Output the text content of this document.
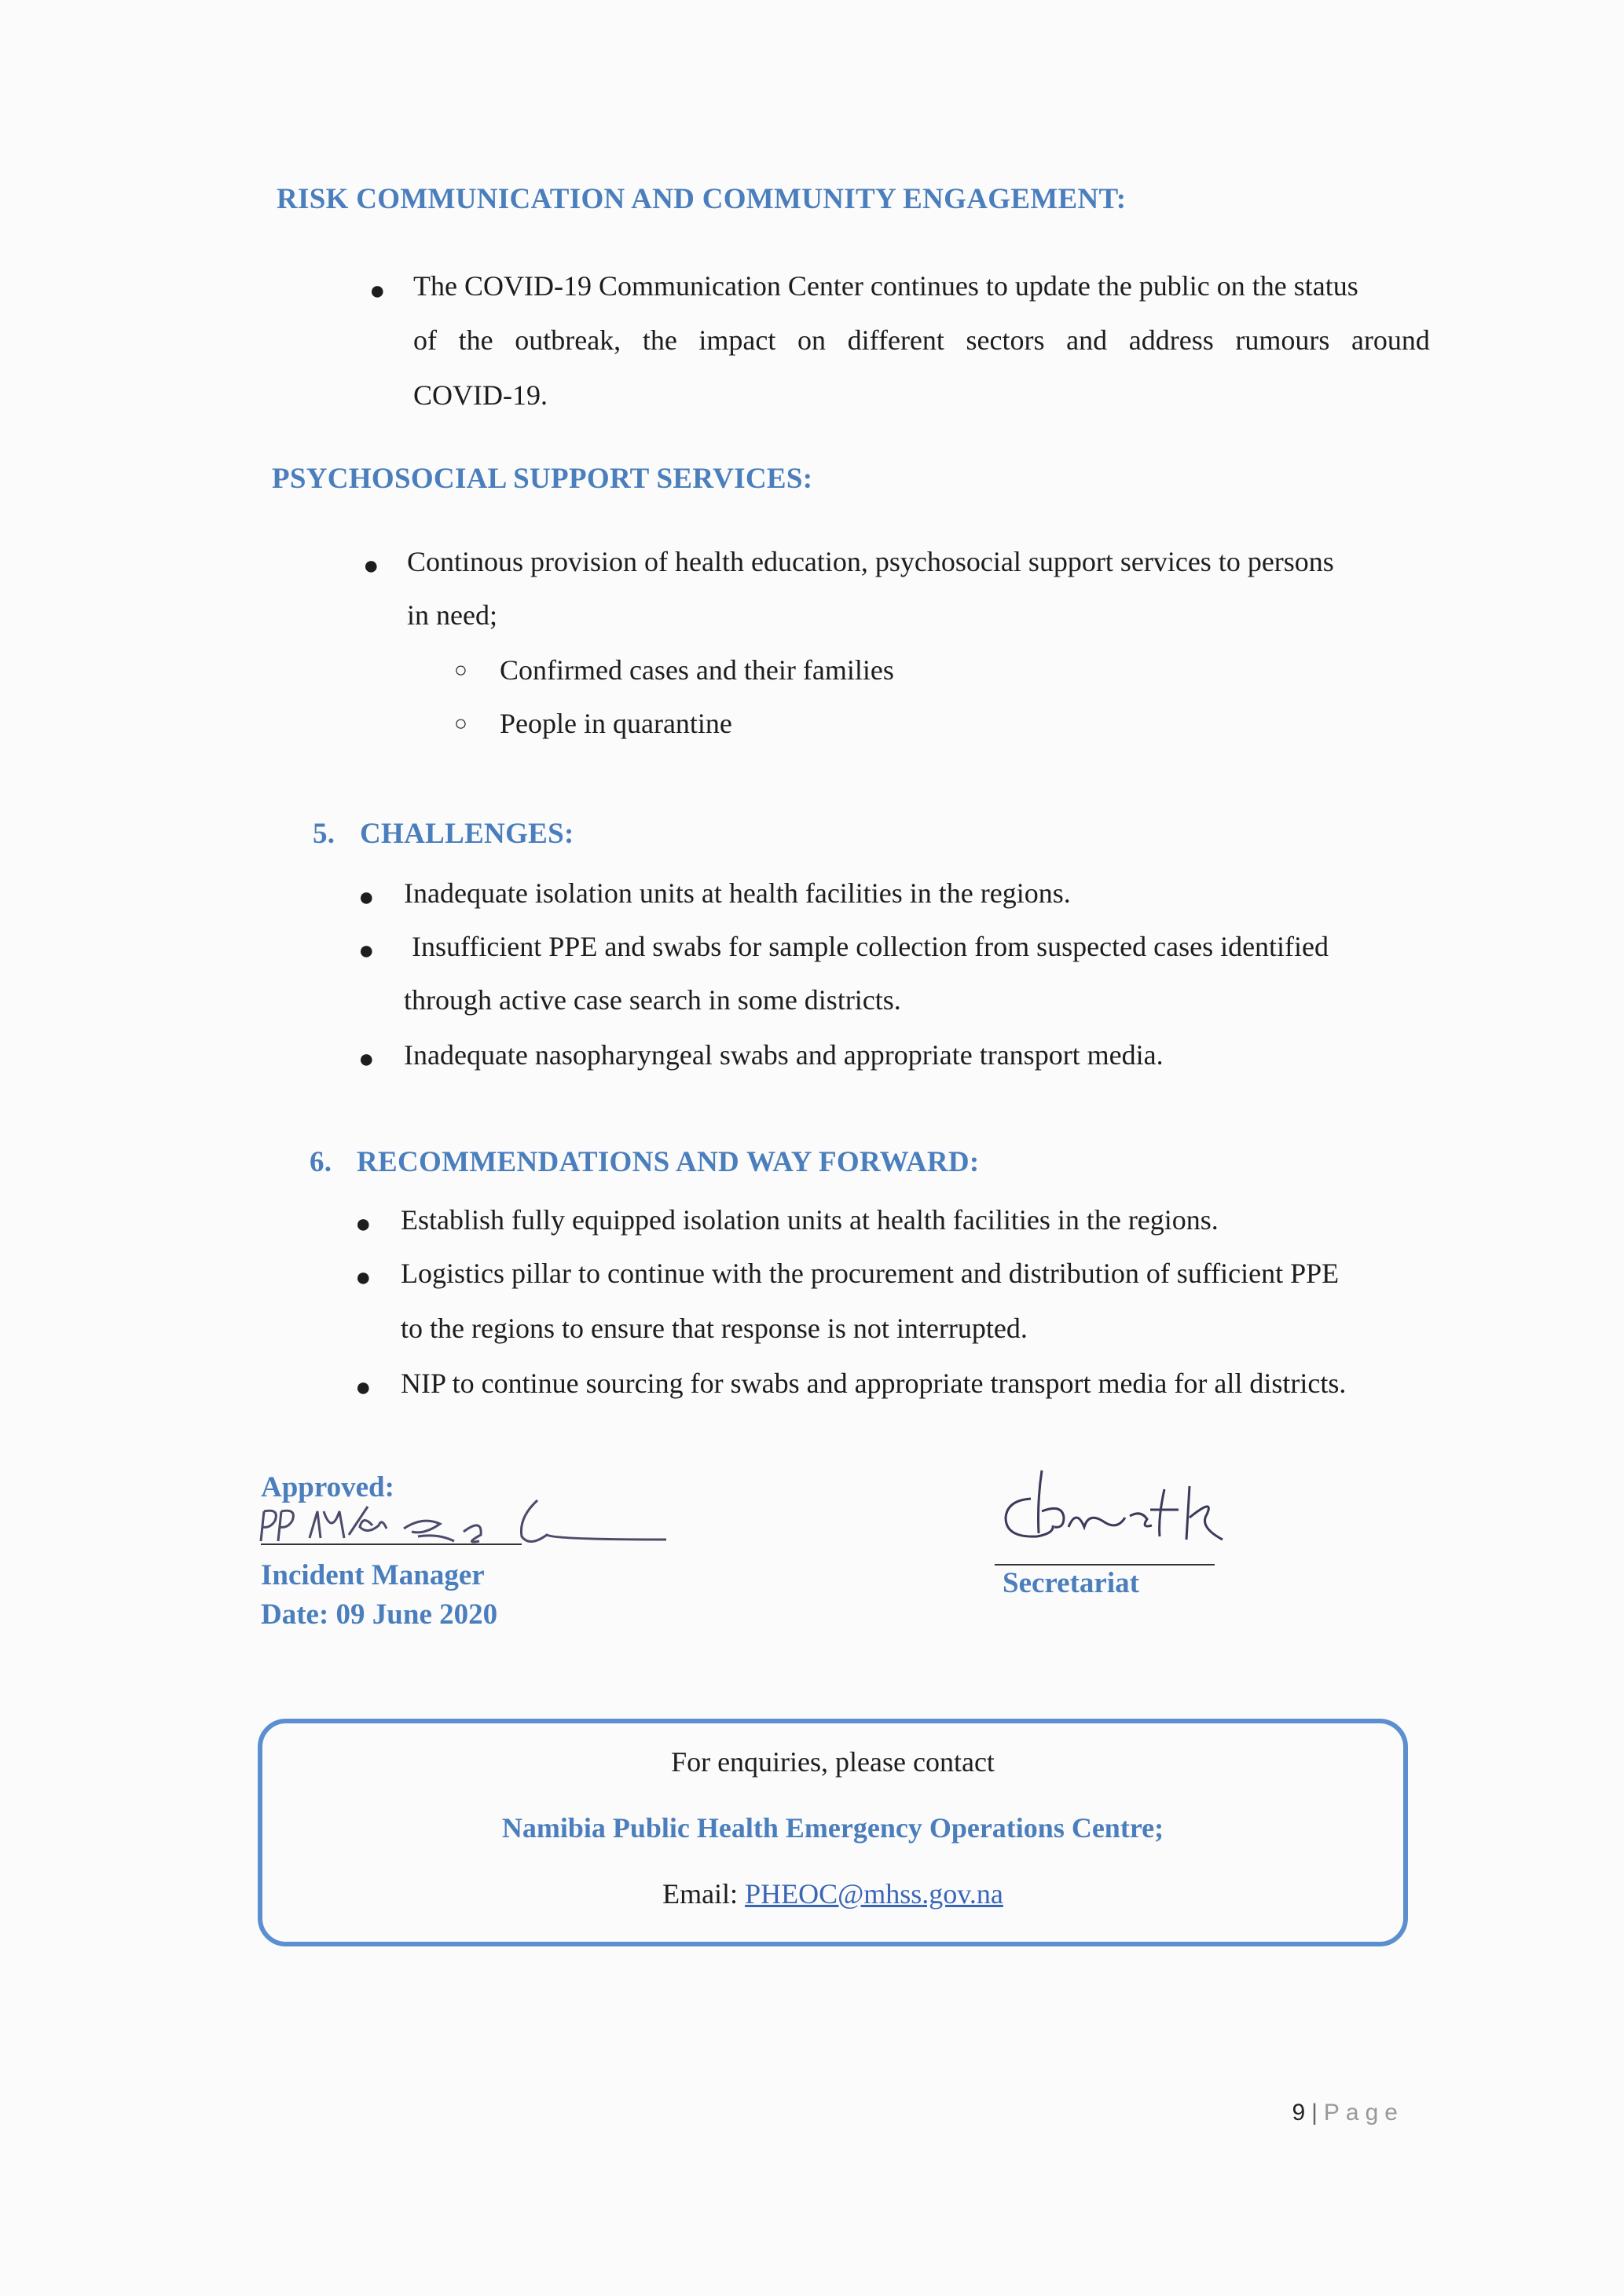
RISK COMMUNICATION AND COMMUNITY ENGAGEMENT:
● The COVID-19 Communication Center continues to update the public on the status
of the outbreak, the impact on different sectors and address rumours around
COVID-19.
PSYCHOSOCIAL SUPPORT SERVICES:
● Continous provision of health education, psychosocial support services to persons
in need;
○ Confirmed cases and their families
○ People in quarantine
5. CHALLENGES:
● Inadequate isolation units at health facilities in the regions.
● Insufficient PPE and swabs for sample collection from suspected cases identified
through active case search in some districts.
● Inadequate nasopharyngeal swabs and appropriate transport media.
6. RECOMMENDATIONS AND WAY FORWARD:
● Establish fully equipped isolation units at health facilities in the regions.
● Logistics pillar to continue with the procurement and distribution of sufficient PPE
to the regions to ensure that response is not interrupted.
● NIP to continue sourcing for swabs and appropriate transport media for all districts.
Approved:
Incident Manager
Date: 09 June 2020
Secretariat
For enquiries, please contact
Namibia Public Health Emergency Operations Centre;
Email: PHEOC@mhss.gov.na
9 | Page
